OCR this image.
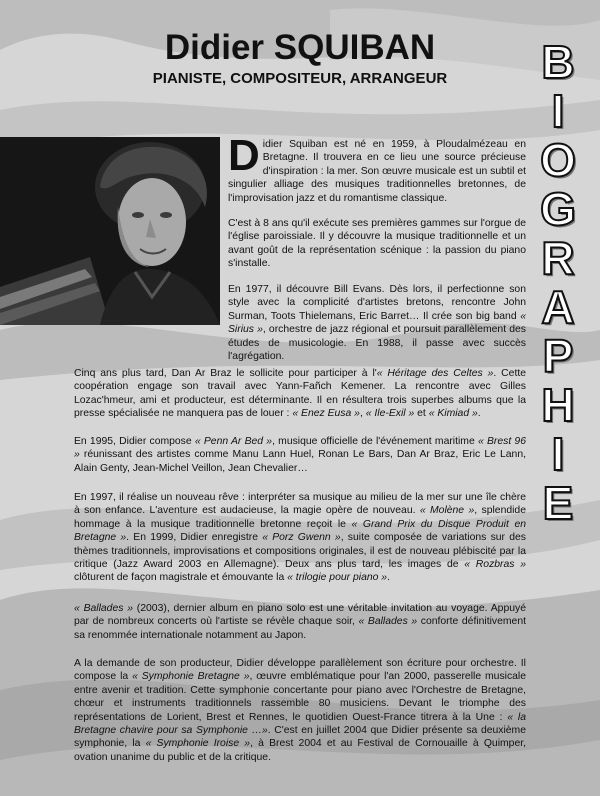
Didier SQUIBAN
PIANISTE, COMPOSITEUR, ARRANGEUR	B
I
O
G
R
A
P
H
I
E

Didier Squiban est né en 1959, à Ploudalmézeau en Bretagne. Il trouvera en ce lieu une source précieuse d'inspiration : la mer. Son œuvre musicale est un subtil et singulier alliage des musiques traditionnelles bretonnes, de l'improvisation jazz et du romantisme classique.

C'est à 8 ans qu'il exécute ses premières gammes sur l'orgue de l'église paroissiale. Il y découvre la musique traditionnelle et un avant goût de la représentation scénique : la passion du piano s'installe.

En 1977, il découvre Bill Evans. Dès lors, il perfectionne son style avec la complicité d'artistes bretons, rencontre John Surman, Toots Thielemans, Eric Barret… Il crée son big band « Sirius », orchestre de jazz régional et poursuit parallèlement des études de musicologie. En 1988, il passe avec succès l'agrégation.

Cinq ans plus tard, Dan Ar Braz le sollicite pour participer à l'« Héritage des Celtes ». Cette coopération engage son travail avec Yann-Fañch Kemener. La rencontre avec Gilles Lozac'hmeur, ami et producteur, est déterminante. Il en résultera trois superbes albums que la presse spécialisée ne manquera pas de louer : « Enez Eusa », « Ile-Exil » et « Kimiad ».

En 1995, Didier compose « Penn Ar Bed », musique officielle de l'événement maritime « Brest 96 » réunissant des artistes comme Manu Lann Huel, Ronan Le Bars, Dan Ar Braz, Eric Le Lann, Alain Genty, Jean-Michel Veillon, Jean Chevalier…

En 1997, il réalise un nouveau rêve : interpréter sa musique au milieu de la mer sur une île chère à son enfance. L'aventure est audacieuse, la magie opère de nouveau. « Molène », splendide hommage à la musique traditionnelle bretonne reçoit le « Grand Prix du Disque Produit en Bretagne ». En 1999, Didier enregistre « Porz Gwenn », suite composée de variations sur des thèmes traditionnels, improvisations et compositions originales, il est de nouveau plébiscité par la critique (Jazz Award 2003 en Allemagne). Deux ans plus tard, les images de « Rozbras » clôturent de façon magistrale et émouvante la « trilogie pour piano ».

« Ballades » (2003), dernier album en piano solo est une véritable invitation au voyage. Appuyé par de nombreux concerts où l'artiste se révèle chaque soir, « Ballades » conforte définitivement sa renommée internationale notamment au Japon.

A la demande de son producteur, Didier développe parallèlement son écriture pour orchestre. Il compose la « Symphonie Bretagne », œuvre emblématique pour l'an 2000, passerelle musicale entre avenir et tradition. Cette symphonie concertante pour piano avec l'Orchestre de Bretagne, chœur et instruments traditionnels rassemble 80 musiciens. Devant le triomphe des représentations de Lorient, Brest et Rennes, le quotidien Ouest-France titrera à la Une : « la Bretagne chavire pour sa Symphonie …». C'est en juillet 2004 que Didier présente sa deuxième symphonie, la « Symphonie Iroise », à Brest 2004 et au Festival de Cornouaille à Quimper, ovation unanime du public et de la critique.
